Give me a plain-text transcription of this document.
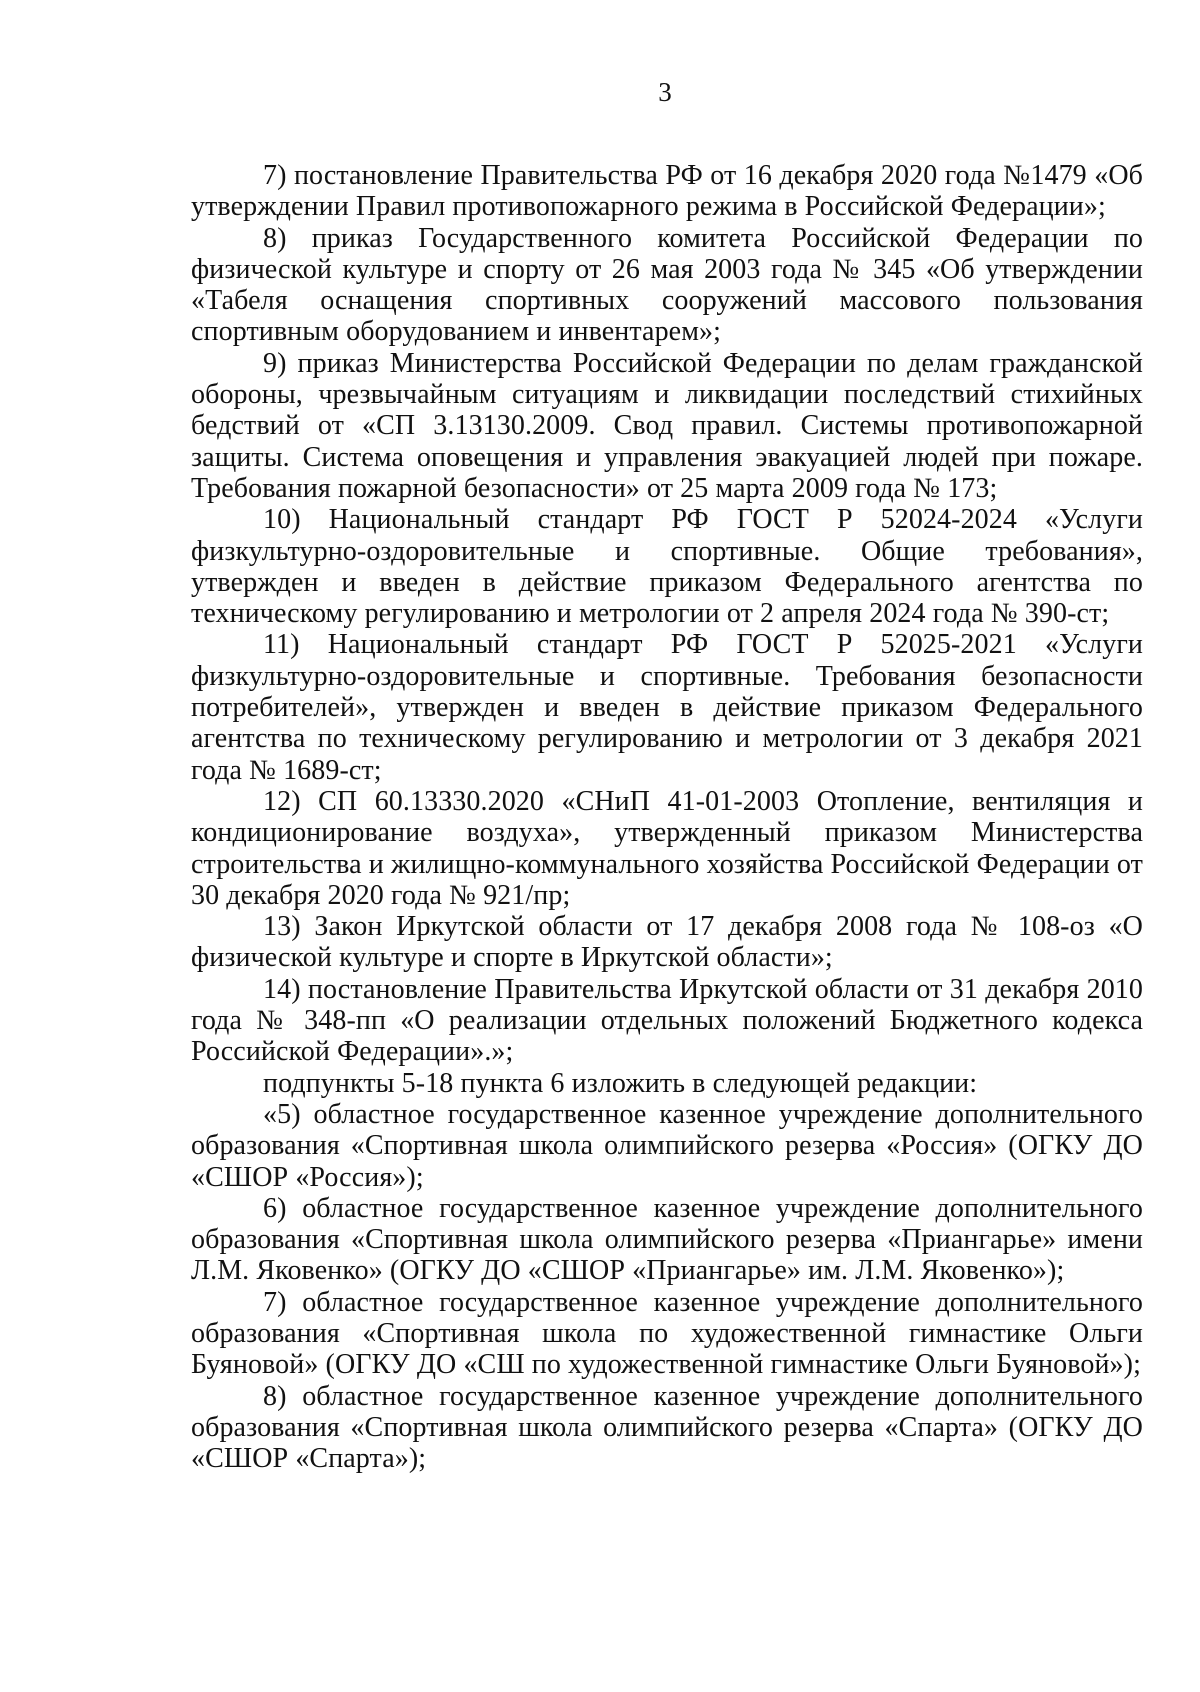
3

7) постановление Правительства РФ от 16 декабря 2020 года №1479 «Об утверждении Правил противопожарного режима в Российской Федерации»;

8) приказ Государственного комитета Российской Федерации по физической культуре и спорту от 26 мая 2003 года № 345 «Об утверждении «Табеля оснащения спортивных сооружений массового пользования спортивным оборудованием и инвентарем»;

9) приказ Министерства Российской Федерации по делам гражданской обороны, чрезвычайным ситуациям и ликвидации последствий стихийных бедствий от «СП 3.13130.2009. Свод правил. Системы противопожарной защиты. Система оповещения и управления эвакуацией людей при пожаре. Требования пожарной безопасности» от 25 марта 2009 года № 173;

10) Национальный стандарт РФ ГОСТ Р 52024-2024 «Услуги физкультурно-оздоровительные и спортивные. Общие требования», утвержден и введен в действие приказом Федерального агентства по техническому регулированию и метрологии от 2 апреля 2024 года № 390-ст;

11) Национальный стандарт РФ ГОСТ Р 52025-2021 «Услуги физкультурно-оздоровительные и спортивные. Требования безопасности потребителей», утвержден и введен в действие приказом Федерального агентства по техническому регулированию и метрологии от 3 декабря 2021 года № 1689-ст;

12) СП 60.13330.2020 «СНиП 41-01-2003 Отопление, вентиляция и кондиционирование воздуха», утвержденный приказом Министерства строительства и жилищно-коммунального хозяйства Российской Федерации от 30 декабря 2020 года № 921/пр;

13) Закон Иркутской области от 17 декабря 2008 года № 108-оз «О физической культуре и спорте в Иркутской области»;

14) постановление Правительства Иркутской области от 31 декабря 2010 года № 348-пп «О реализации отдельных положений Бюджетного кодекса Российской Федерации».»;

подпункты 5-18 пункта 6 изложить в следующей редакции:

«5) областное государственное казенное учреждение дополнительного образования «Спортивная школа олимпийского резерва «Россия» (ОГКУ ДО «СШОР «Россия»);

6) областное государственное казенное учреждение дополнительного образования «Спортивная школа олимпийского резерва «Приангарье» имени Л.М. Яковенко» (ОГКУ ДО «СШОР «Приангарье» им. Л.М. Яковенко»);

7) областное государственное казенное учреждение дополнительного образования «Спортивная школа по художественной гимнастике Ольги Буяновой» (ОГКУ ДО «СШ по художественной гимнастике Ольги Буяновой»);

8) областное государственное казенное учреждение дополнительного образования «Спортивная школа олимпийского резерва «Спарта» (ОГКУ ДО «СШОР «Спарта»);
